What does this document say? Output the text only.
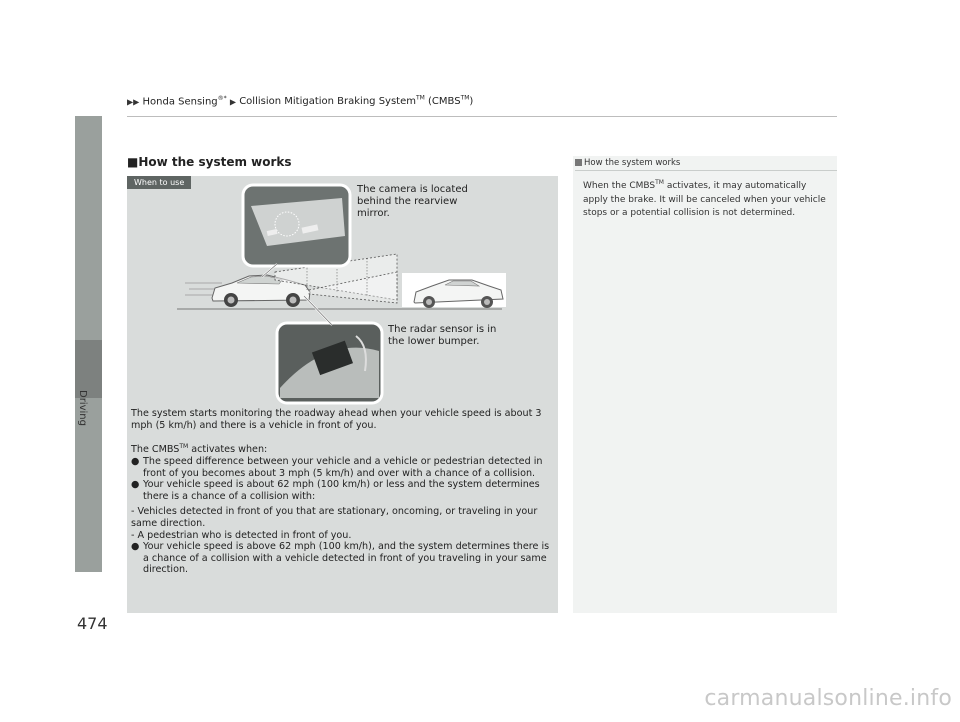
▶▶ Honda Sensing®* ▶ Collision Mitigation Braking System™ (CMBS™)
Driving
474
■How the system works
When to use
The camera is located behind the rearview mirror.
The radar sensor is in the lower bumper.

The system starts monitoring the roadway ahead when your vehicle speed is about 3 mph (5 km/h) and there is a vehicle in front of you.

The CMBS™ activates when:

● The speed difference between your vehicle and a vehicle or pedestrian detected in front of you becomes about 3 mph (5 km/h) and over with a chance of a collision.

● Your vehicle speed is about 62 mph (100 km/h) or less and the system determines there is a chance of a collision with:

- Vehicles detected in front of you that are stationary, oncoming, or traveling in your same direction.

- A pedestrian who is detected in front of you.

● Your vehicle speed is above 62 mph (100 km/h), and the system determines there is a chance of a collision with a vehicle detected in front of you traveling in your same direction.

How the system works
When the CMBS™ activates, it may automatically apply the brake. It will be canceled when your vehicle stops or a potential collision is not determined.
carmanualsonline.info
